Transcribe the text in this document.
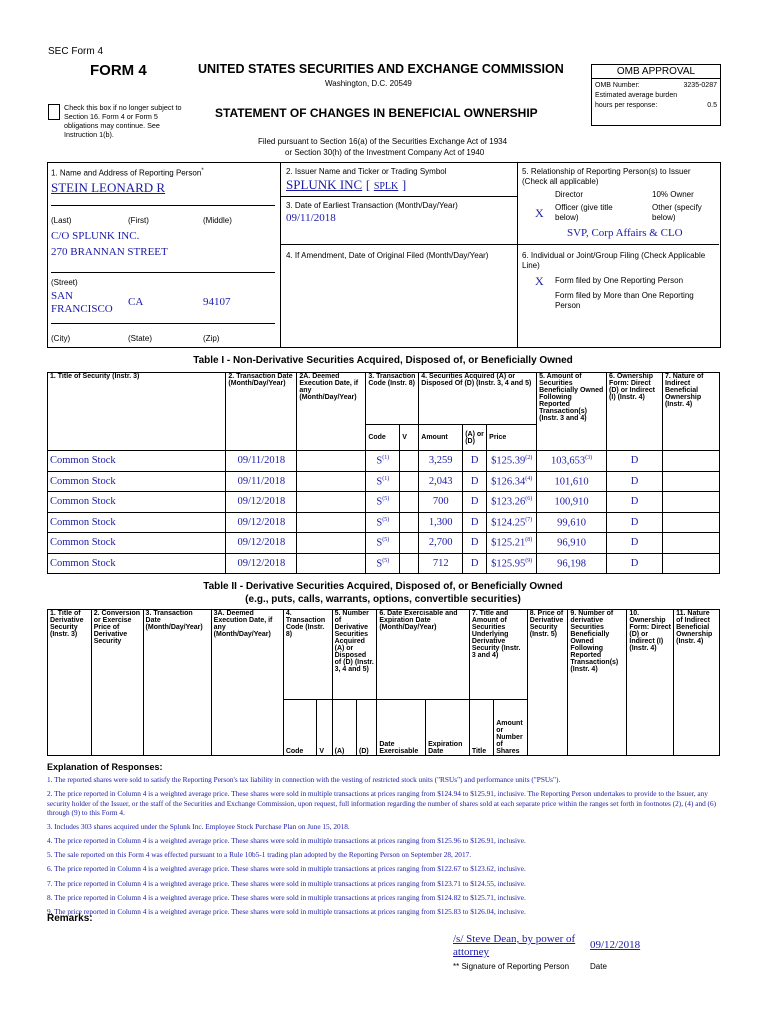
SEC Form 4
FORM 4	UNITED STATES SECURITIES AND EXCHANGE COMMISSION
Washington, D.C. 20549
Check this box if no longer subject to Section 16. Form 4 or Form 5 obligations may continue. See Instruction 1(b).
STATEMENT OF CHANGES IN BENEFICIAL OWNERSHIP
Filed pursuant to Section 16(a) of the Securities Exchange Act of 1934
or Section 30(h) of the Investment Company Act of 1940
OMB APPROVAL
OMB Number:	3235-0287
Estimated average burden
hours per response:	0.5
1. Name and Address of Reporting Person*
STEIN LEONARD R
(Last)	(First)	(Middle)
C/O SPLUNK INC.
270 BRANNAN STREET
(Street)
SAN FRANCISCO
CA	94107
(City)	(State)	(Zip)
2. Issuer Name and Ticker or Trading Symbol
SPLUNK INC [ SPLK ]
3. Date of Earliest Transaction (Month/Day/Year)
09/11/2018
4. If Amendment, Date of Original Filed (Month/Day/Year)
5. Relationship of Reporting Person(s) to Issuer (Check all applicable)
Director	10% Owner
X Officer (give title below)
Other (specify below)
SVP, Corp Affairs & CLO
6. Individual or Joint/Group Filing (Check Applicable Line)
X Form filed by One Reporting Person
Form filed by More than One Reporting Person
Table I - Non-Derivative Securities Acquired, Disposed of, or Beneficially Owned
1. Title of Security (Instr. 3)	2. Transaction Date (Month/Day/Year)	2A. Deemed Execution Date, if any (Month/Day/Year)	3. Transaction Code (Instr. 8)		4. Securities Acquired (A) or Disposed Of (D) (Instr. 3, 4 and 5)			5. Amount of Securities Beneficially Owned Following Reported Transaction(s) (Instr. 3 and 4)	6. Ownership Form: Direct (D) or Indirect (I) (Instr. 4)	7. Nature of Indirect Beneficial Ownership (Instr. 4)
			Code	V	Amount	(A) or (D)	Price			
Common Stock	09/11/2018		$S^{(1)}$		3,259	D	$125.39$^{(2)}$	103,653$^{(3)}$	D	
Common Stock	09/11/2018		$S^{(1)}$		2,043	D	$126.34$^{(4)}$	101,610	D	
Common Stock	09/12/2018		$S^{(5)}$		700	D	$123.26$^{(6)}$	100,910	D	
Common Stock	09/12/2018		$S^{(5)}$		1,300	D	$124.25$^{(7)}$	99,610	D	
Common Stock	09/12/2018		$S^{(5)}$		2,700	D	$125.21$^{(8)}$	96,910	D	
Common Stock	09/12/2018		$S^{(5)}$		712	D	$125.95$^{(9)}$	96,198	D	
Table II - Derivative Securities Acquired, Disposed of, or Beneficially Owned
(e.g., puts, calls, warrants, options, convertible securities)
1. Title of Derivative Security (Instr. 3)	2. Conversion or Exercise Price of Derivative Security	3. Transaction Date (Month/Day/Year)	3A. Deemed Execution Date, if any (Month/Day/Year)	4. Transaction Code (Instr. 8)		5. Number of Derivative Securities Acquired (A) or Disposed of (D) (Instr. 3, 4 and 5)		6. Date Exercisable and Expiration Date (Month/Day/Year)		7. Title and Amount of Securities Underlying Derivative Security (Instr. 3 and 4)		8. Price of Derivative Security (Instr. 5)	9. Number of derivative Securities Beneficially Owned Following Reported Transaction(s) (Instr. 4)	10. Ownership Form: Direct (D) or Indirect (I) (Instr. 4)	11. Nature of Indirect Beneficial Ownership (Instr. 4)
				Code	V	(A)	(D)	Date Exercisable	Expiration Date	Title	Amount or Number of Shares				
Explanation of Responses:
1. The reported shares were sold to satisfy the Reporting Person's tax liability in connection with the vesting of restricted stock units ("RSUs") and performance units ("PSUs").
2. The price reported in Column 4 is a weighted average price. These shares were sold in multiple transactions at prices ranging from $124.94 to $125.91, inclusive. The Reporting Person undertakes to provide to the Issuer, any security holder of the Issuer, or the staff of the Securities and Exchange Commission, upon request, full information regarding the number of shares sold at each separate price within the ranges set forth in footnotes (2), (4) and (6) through (9) to this Form 4.
3. Includes 303 shares acquired under the Splunk Inc. Employee Stock Purchase Plan on June 15, 2018.
4. The price reported in Column 4 is a weighted average price. These shares were sold in multiple transactions at prices ranging from $125.96 to $126.91, inclusive.
5. The sale reported on this Form 4 was effected pursuant to a Rule 10b5-1 trading plan adopted by the Reporting Person on September 28, 2017.
6. The price reported in Column 4 is a weighted average price. These shares were sold in multiple transactions at prices ranging from $122.67 to $123.62, inclusive.
7. The price reported in Column 4 is a weighted average price. These shares were sold in multiple transactions at prices ranging from $123.71 to $124.55, inclusive.
8. The price reported in Column 4 is a weighted average price. These shares were sold in multiple transactions at prices ranging from $124.82 to $125.71, inclusive.
9. The price reported in Column 4 is a weighted average price. These shares were sold in multiple transactions at prices ranging from $125.83 to $126.04, inclusive.
Remarks:
/s/ Steve Dean, by power of attorney
09/12/2018
** Signature of Reporting Person	Date
